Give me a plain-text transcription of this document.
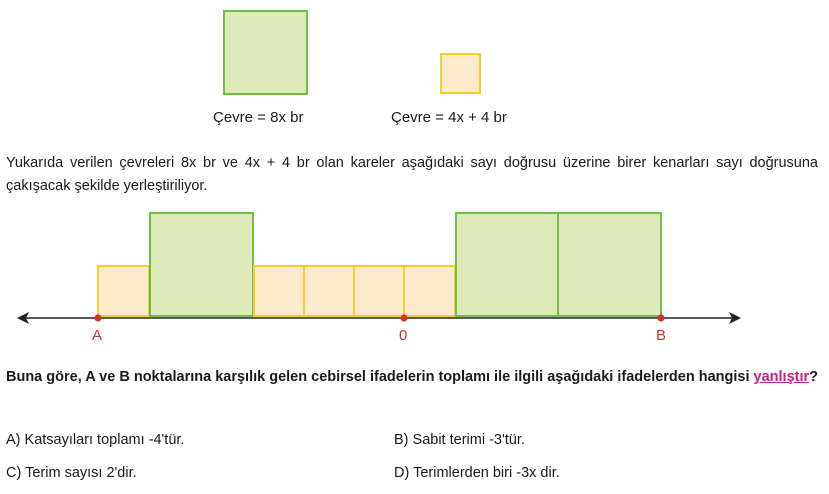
Çevre = 8x br	Çevre = 4x + 4 br
Yukarıda verilen çevreleri 8x br ve 4x + 4 br olan kareler aşağıdaki sayı doğrusu üzerine birer kenarları sayı doğrusuna çakışacak şekilde yerleştiriliyor.
A	0	B
Buna göre, A ve B noktalarına karşılık gelen cebirsel ifadelerin toplamı ile ilgili aşağıdaki ifadelerden hangisi yanlıştır?
A) Katsayıları toplamı -4'tür.	B) Sabit terimi -3'tür.
C) Terim sayısı 2'dir.	D) Terimlerden biri -3x dir.
